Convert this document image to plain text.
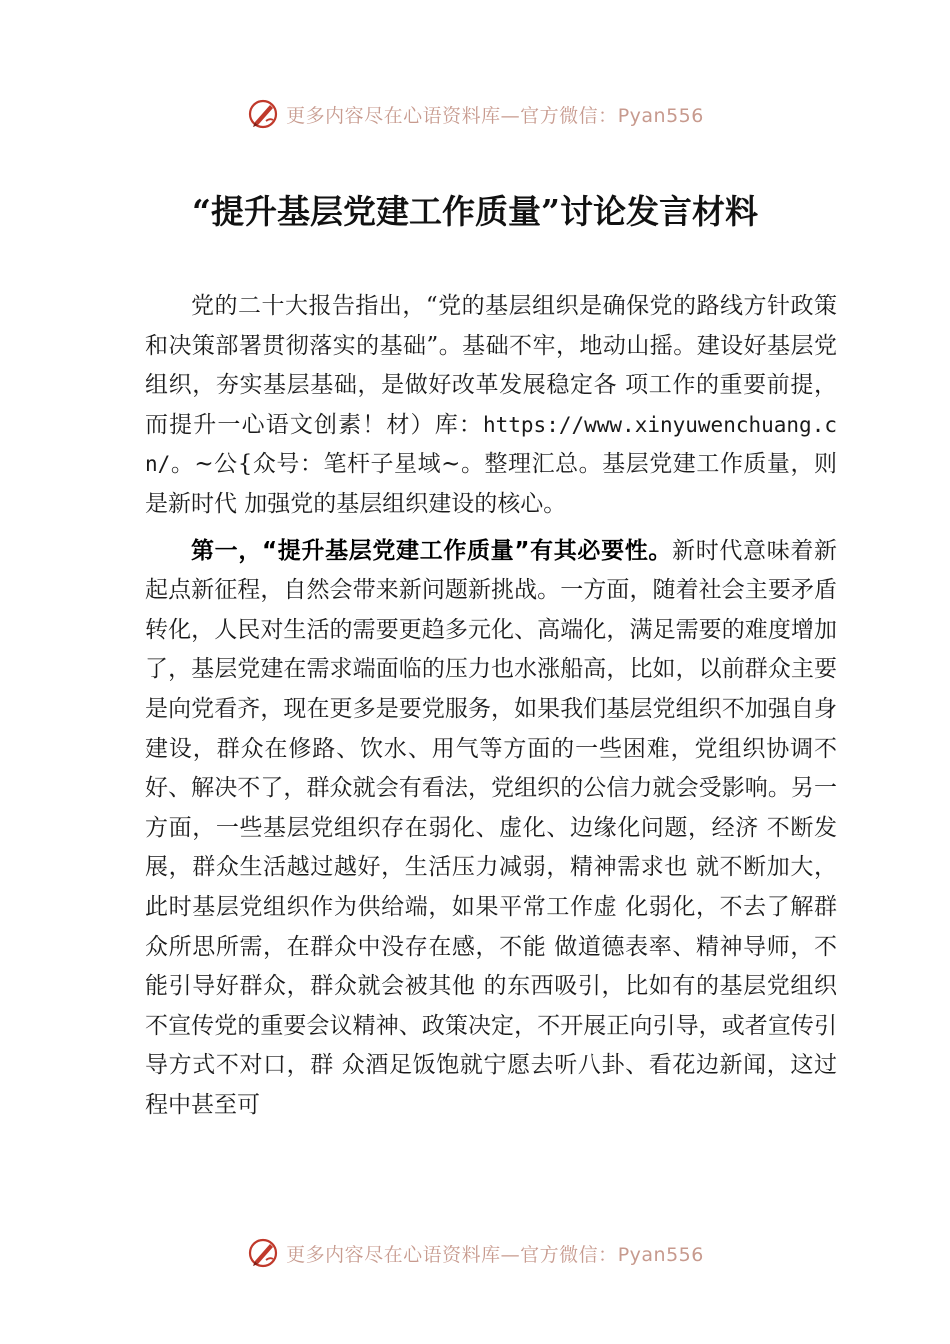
更多内容尽在心语资料库—官方微信：Pyan556
“提升基层党建工作质量”讨论发言材料

党的二十大报告指出，“党的基层组织是确保党的路线方针政策和决策部署贯彻落实的基础”。基础不牢，地动山摇。建设好基层党组织，夯实基层基础，是做好改革发展稳定各 项工作的重要前提，而提升一心语文创素！材）库：https://www.xinyuwenchuang.cn/。~公{众号：笔杆子星域~。整理汇总。基层党建工作质量，则是新时代 加强党的基层组织建设的核心。

第一，“提升基层党建工作质量”有其必要性。新时代意味着新起点新征程，自然会带来新问题新挑战。一方面，随着社会主要矛盾转化，人民对生活的需要更趋多元化、高端化，满足需要的难度增加了，基层党建在需求端面临的压力也水涨船高，比如，以前群众主要是向党看齐，现在更多是要党服务，如果我们基层党组织不加强自身建设，群众在修路、饮水、用气等方面的一些困难，党组织协调不好、解决不了，群众就会有看法，党组织的公信力就会受影响。另一 方面，一些基层党组织存在弱化、虚化、边缘化问题，经济 不断发展，群众生活越过越好，生活压力减弱，精神需求也 就不断加大，此时基层党组织作为供给端，如果平常工作虚 化弱化，不去了解群众所思所需，在群众中没存在感，不能 做道德表率、精神导师，不能引导好群众，群众就会被其他 的东西吸引，比如有的基层党组织不宣传党的重要会议精神、政策决定，不开展正向引导，或者宣传引导方式不对口，群 众酒足饭饱就宁愿去听八卦、看花边新闻，这过程中甚至可

更多内容尽在心语资料库—官方微信：Pyan556
